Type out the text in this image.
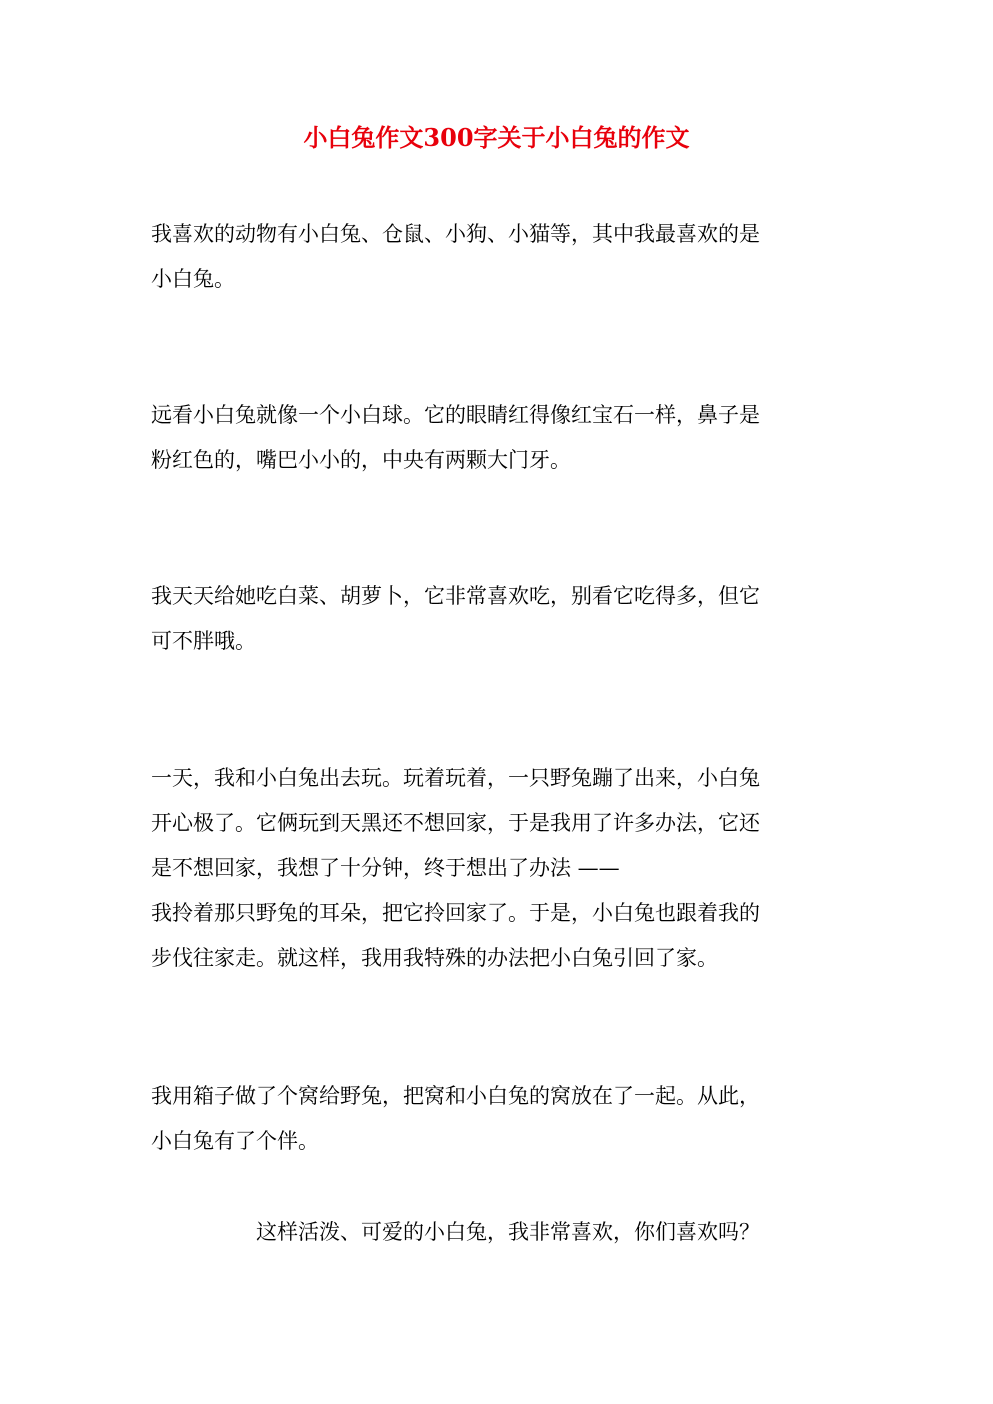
小白兔作文300字关于小白兔的作文
我喜欢的动物有小白兔、仓鼠、小狗、小猫等，其中我最喜欢的是
小白兔。
远看小白兔就像一个小白球。它的眼睛红得像红宝石一样，鼻子是
粉红色的，嘴巴小小的，中央有两颗大门牙。
我天天给她吃白菜、胡萝卜，它非常喜欢吃，别看它吃得多，但它
可不胖哦。
一天，我和小白兔出去玩。玩着玩着，一只野兔蹦了出来，小白兔
开心极了。它俩玩到天黑还不想回家，于是我用了许多办法，它还
是不想回家，我想了十分钟，终于想出了办法 ——
我拎着那只野兔的耳朵，把它拎回家了。于是，小白兔也跟着我的
步伐往家走。就这样，我用我特殊的办法把小白兔引回了家。
我用箱子做了个窝给野兔，把窝和小白兔的窝放在了一起。从此，
小白兔有了个伴。

这样活泼、可爱的小白兔，我非常喜欢，你们喜欢吗？
